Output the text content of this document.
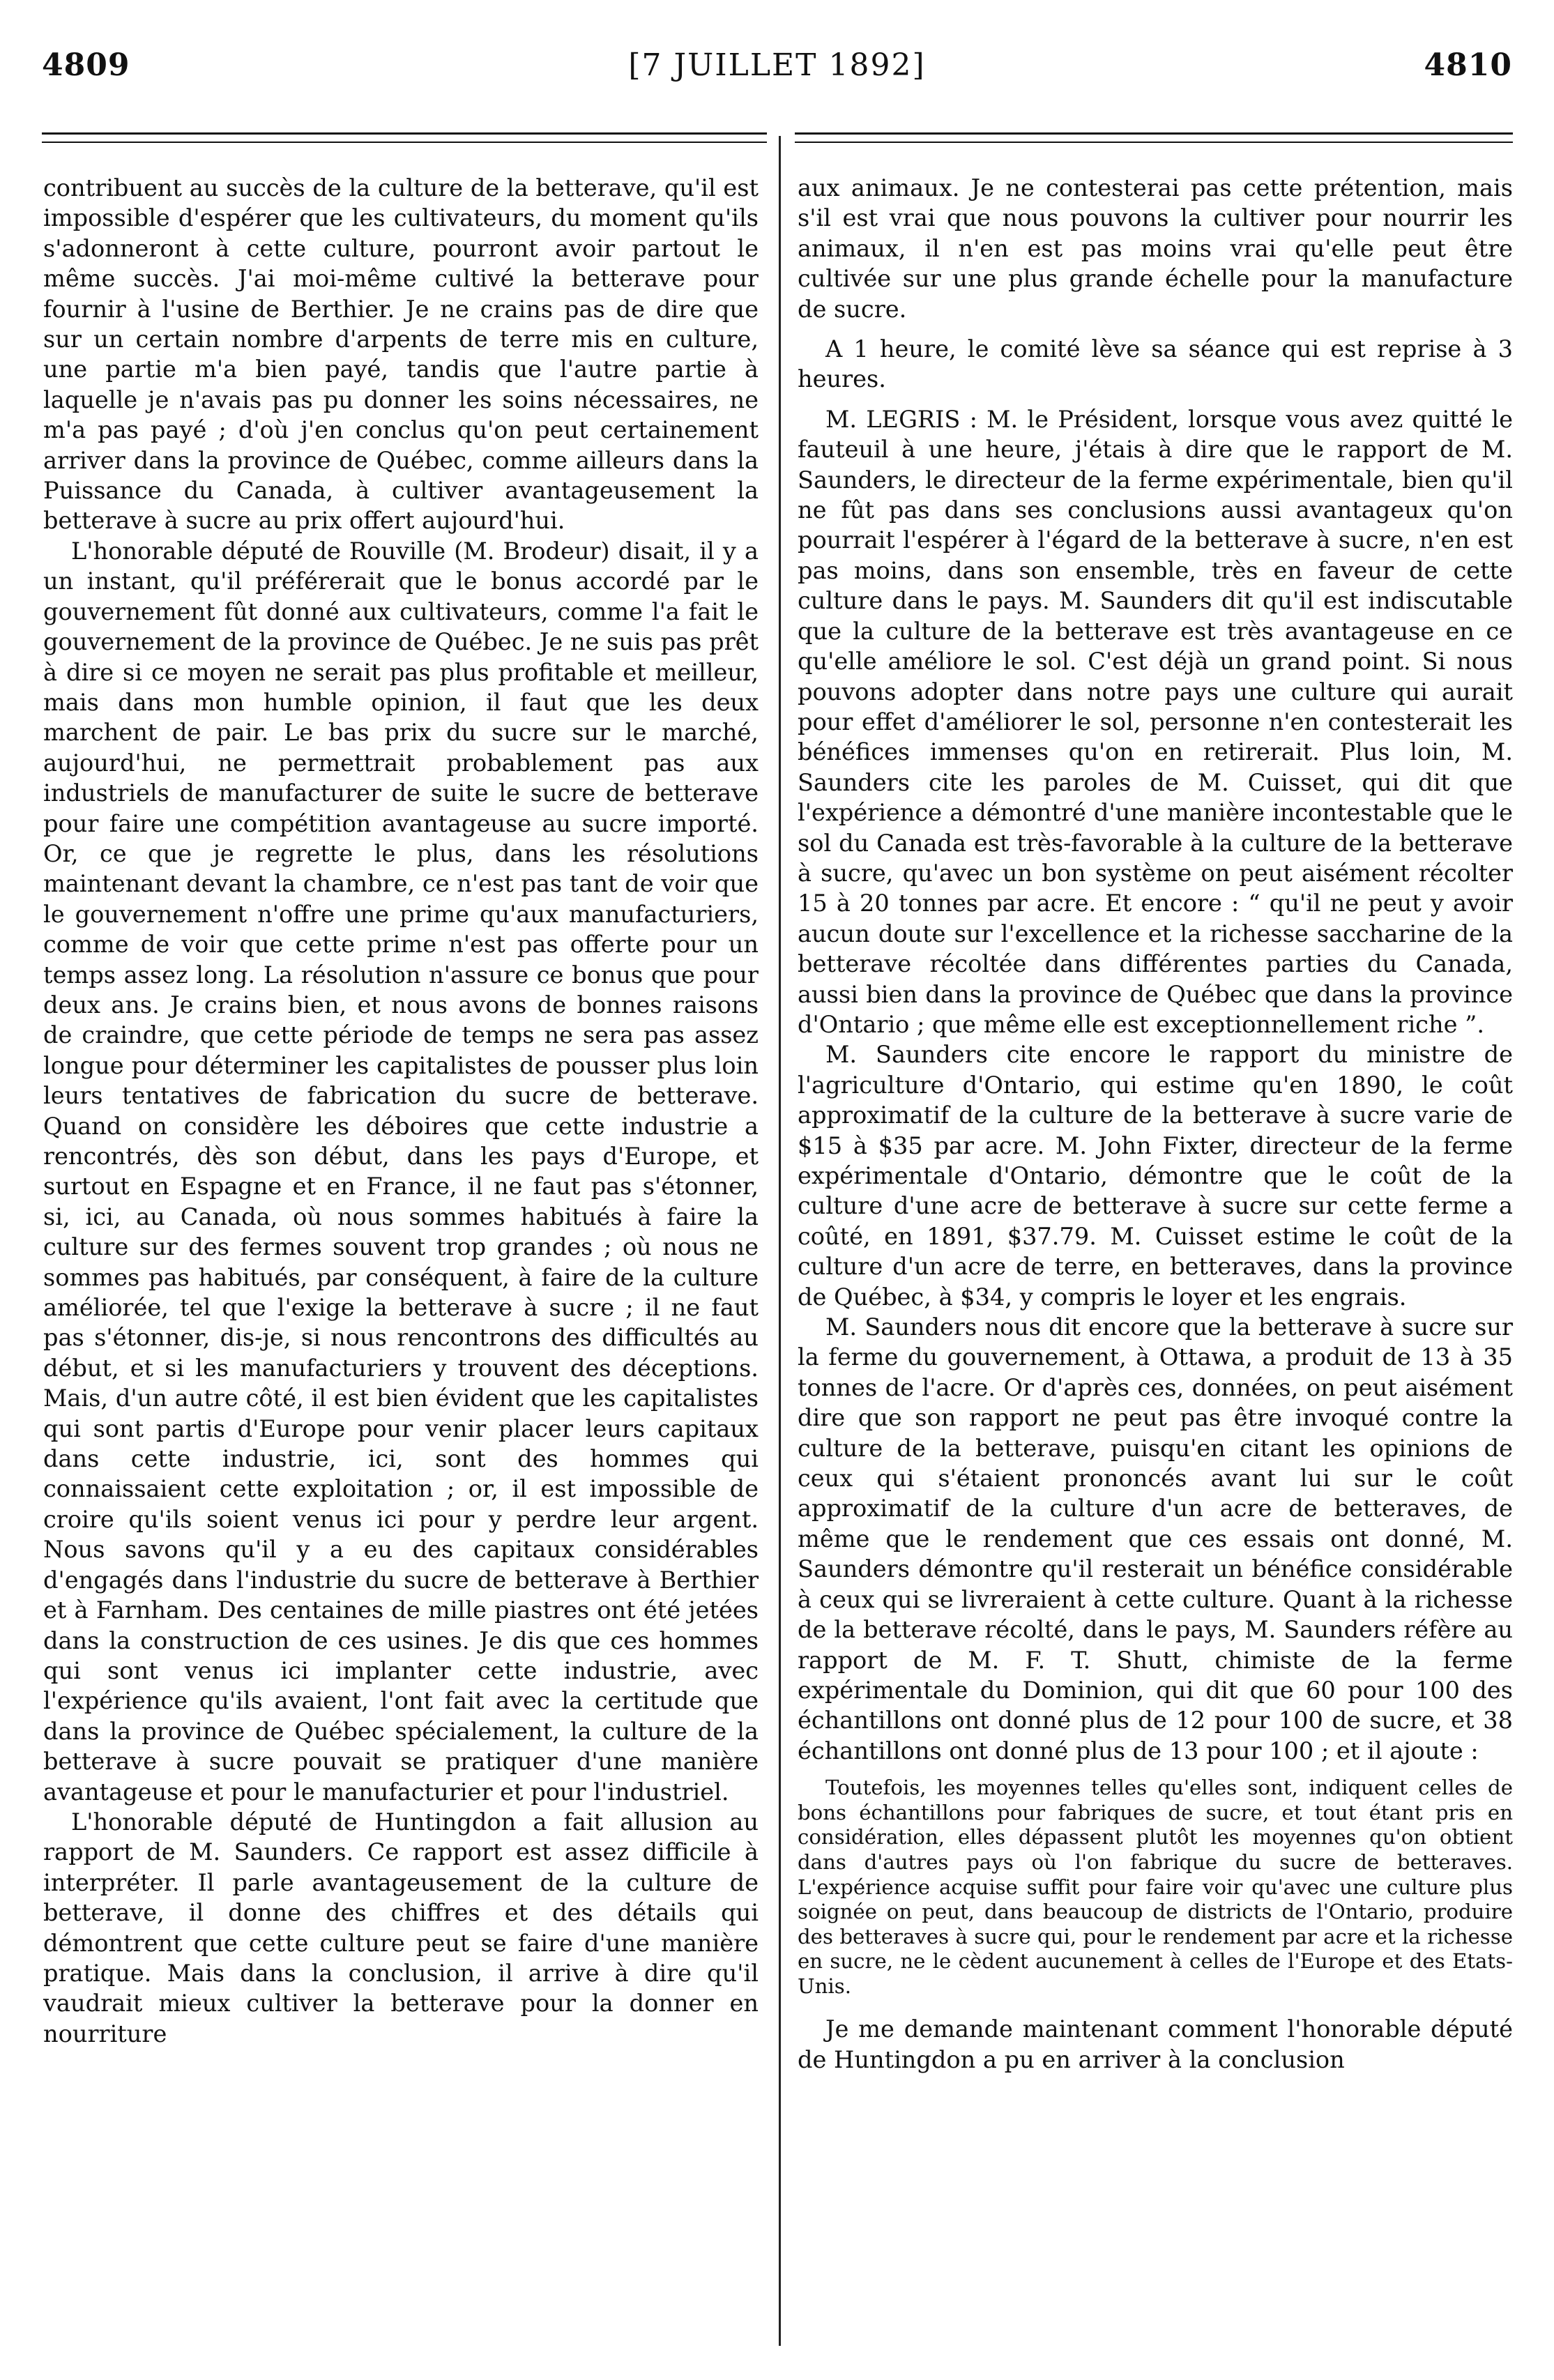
4809	[7 JUILLET 1892]	4810

contribuent au succès de la culture de la betterave, qu'il est impossible d'espérer que les cultivateurs, du moment qu'ils s'adonneront à cette culture, pourront avoir partout le même succès. J'ai moi-même cultivé la betterave pour fournir à l'usine de Berthier. Je ne crains pas de dire que sur un certain nombre d'arpents de terre mis en culture, une partie m'a bien payé, tandis que l'autre partie à laquelle je n'avais pas pu donner les soins nécessaires, ne m'a pas payé ; d'où j'en conclus qu'on peut certainement arriver dans la province de Québec, comme ailleurs dans la Puissance du Canada, à cultiver avantageusement la betterave à sucre au prix offert aujourd'hui.

L'honorable député de Rouville (M. Brodeur) disait, il y a un instant, qu'il préférerait que le bonus accordé par le gouvernement fût donné aux cultivateurs, comme l'a fait le gouvernement de la province de Québec. Je ne suis pas prêt à dire si ce moyen ne serait pas plus profitable et meilleur, mais dans mon humble opinion, il faut que les deux marchent de pair. Le bas prix du sucre sur le marché, aujourd'hui, ne permettrait probablement pas aux industriels de manufacturer de suite le sucre de betterave pour faire une compétition avantageuse au sucre importé. Or, ce que je regrette le plus, dans les résolutions maintenant devant la chambre, ce n'est pas tant de voir que le gouvernement n'offre une prime qu'aux manufacturiers, comme de voir que cette prime n'est pas offerte pour un temps assez long. La résolution n'assure ce bonus que pour deux ans. Je crains bien, et nous avons de bonnes raisons de craindre, que cette période de temps ne sera pas assez longue pour déterminer les capitalistes de pousser plus loin leurs tentatives de fabrication du sucre de betterave. Quand on considère les déboires que cette industrie a rencontrés, dès son début, dans les pays d'Europe, et surtout en Espagne et en France, il ne faut pas s'étonner, si, ici, au Canada, où nous sommes habitués à faire la culture sur des fermes souvent trop grandes ; où nous ne sommes pas habitués, par conséquent, à faire de la culture améliorée, tel que l'exige la betterave à sucre ; il ne faut pas s'étonner, dis-je, si nous rencontrons des difficultés au début, et si les manufacturiers y trouvent des déceptions. Mais, d'un autre côté, il est bien évident que les capitalistes qui sont partis d'Europe pour venir placer leurs capitaux dans cette industrie, ici, sont des hommes qui connaissaient cette exploitation ; or, il est impossible de croire qu'ils soient venus ici pour y perdre leur argent. Nous savons qu'il y a eu des capitaux considérables d'engagés dans l'industrie du sucre de betterave à Berthier et à Farnham. Des centaines de mille piastres ont été jetées dans la construction de ces usines. Je dis que ces hommes qui sont venus ici implanter cette industrie, avec l'expérience qu'ils avaient, l'ont fait avec la certitude que dans la province de Québec spécialement, la culture de la betterave à sucre pouvait se pratiquer d'une manière avantageuse et pour le manufacturier et pour l'industriel.

L'honorable député de Huntingdon a fait allusion au rapport de M. Saunders. Ce rapport est assez difficile à interpréter. Il parle avantageusement de la culture de betterave, il donne des chiffres et des détails qui démontrent que cette culture peut se faire d'une manière pratique. Mais dans la conclusion, il arrive à dire qu'il vaudrait mieux cultiver la betterave pour la donner en nourriture

aux animaux. Je ne contesterai pas cette prétention, mais s'il est vrai que nous pouvons la cultiver pour nourrir les animaux, il n'en est pas moins vrai qu'elle peut être cultivée sur une plus grande échelle pour la manufacture de sucre.

A 1 heure, le comité lève sa séance qui est reprise à 3 heures.

M. LEGRIS : M. le Président, lorsque vous avez quitté le fauteuil à une heure, j'étais à dire que le rapport de M. Saunders, le directeur de la ferme expérimentale, bien qu'il ne fût pas dans ses conclusions aussi avantageux qu'on pourrait l'espérer à l'égard de la betterave à sucre, n'en est pas moins, dans son ensemble, très en faveur de cette culture dans le pays. M. Saunders dit qu'il est indiscutable que la culture de la betterave est très avantageuse en ce qu'elle améliore le sol. C'est déjà un grand point. Si nous pouvons adopter dans notre pays une culture qui aurait pour effet d'améliorer le sol, personne n'en contesterait les bénéfices immenses qu'on en retirerait. Plus loin, M. Saunders cite les paroles de M. Cuisset, qui dit que l'expérience a démontré d'une manière incontestable que le sol du Canada est très-favorable à la culture de la betterave à sucre, qu'avec un bon système on peut aisément récolter 15 à 20 tonnes par acre. Et encore : “ qu'il ne peut y avoir aucun doute sur l'excellence et la richesse saccharine de la betterave récoltée dans différentes parties du Canada, aussi bien dans la province de Québec que dans la province d'Ontario ; que même elle est exceptionnellement riche ”.

M. Saunders cite encore le rapport du ministre de l'agriculture d'Ontario, qui estime qu'en 1890, le coût approximatif de la culture de la betterave à sucre varie de $15 à $35 par acre. M. John Fixter, directeur de la ferme expérimentale d'Ontario, démontre que le coût de la culture d'une acre de betterave à sucre sur cette ferme a coûté, en 1891, $37.79. M. Cuisset estime le coût de la culture d'un acre de terre, en betteraves, dans la province de Québec, à $34, y compris le loyer et les engrais.

M. Saunders nous dit encore que la betterave à sucre sur la ferme du gouvernement, à Ottawa, a produit de 13 à 35 tonnes de l'acre. Or d'après ces, données, on peut aisément dire que son rapport ne peut pas être invoqué contre la culture de la betterave, puisqu'en citant les opinions de ceux qui s'étaient prononcés avant lui sur le coût approximatif de la culture d'un acre de betteraves, de même que le rendement que ces essais ont donné, M. Saunders démontre qu'il resterait un bénéfice considérable à ceux qui se livreraient à cette culture. Quant à la richesse de la betterave récolté, dans le pays, M. Saunders réfère au rapport de M. F. T. Shutt, chimiste de la ferme expérimentale du Dominion, qui dit que 60 pour 100 des échantillons ont donné plus de 12 pour 100 de sucre, et 38 échantillons ont donné plus de 13 pour 100 ; et il ajoute :

Toutefois, les moyennes telles qu'elles sont, indiquent celles de bons échantillons pour fabriques de sucre, et tout étant pris en considération, elles dépassent plutôt les moyennes qu'on obtient dans d'autres pays où l'on fabrique du sucre de betteraves. L'expérience acquise suffit pour faire voir qu'avec une culture plus soignée on peut, dans beaucoup de districts de l'Ontario, produire des betteraves à sucre qui, pour le rendement par acre et la richesse en sucre, ne le cèdent aucunement à celles de l'Europe et des Etats-Unis.

Je me demande maintenant comment l'honorable député de Huntingdon a pu en arriver à la conclusion
